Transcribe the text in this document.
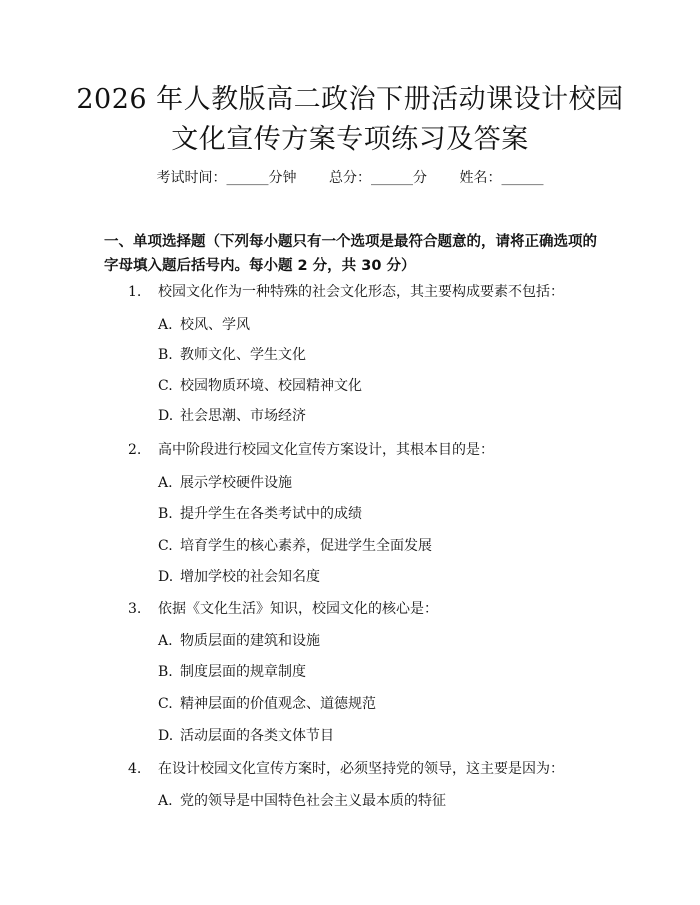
2026 年人教版高二政治下册活动课设计校园
文化宣传方案专项练习及答案
考试时间：______分钟 总分：______分 姓名：______
一、单项选择题（下列每小题只有一个选项是最符合题意的，请将正确选项的字母填入题后括号内。每小题 2 分，共 30 分）
1. 校园文化作为一种特殊的社会文化形态，其主要构成要素不包括：
A. 校风、学风
B. 教师文化、学生文化
C. 校园物质环境、校园精神文化
D. 社会思潮、市场经济
2. 高中阶段进行校园文化宣传方案设计，其根本目的是：
A. 展示学校硬件设施
B. 提升学生在各类考试中的成绩
C. 培育学生的核心素养，促进学生全面发展
D. 增加学校的社会知名度
3. 依据《文化生活》知识，校园文化的核心是：
A. 物质层面的建筑和设施
B. 制度层面的规章制度
C. 精神层面的价值观念、道德规范
D. 活动层面的各类文体节目
4. 在设计校园文化宣传方案时，必须坚持党的领导，这主要是因为：
A. 党的领导是中国特色社会主义最本质的特征
